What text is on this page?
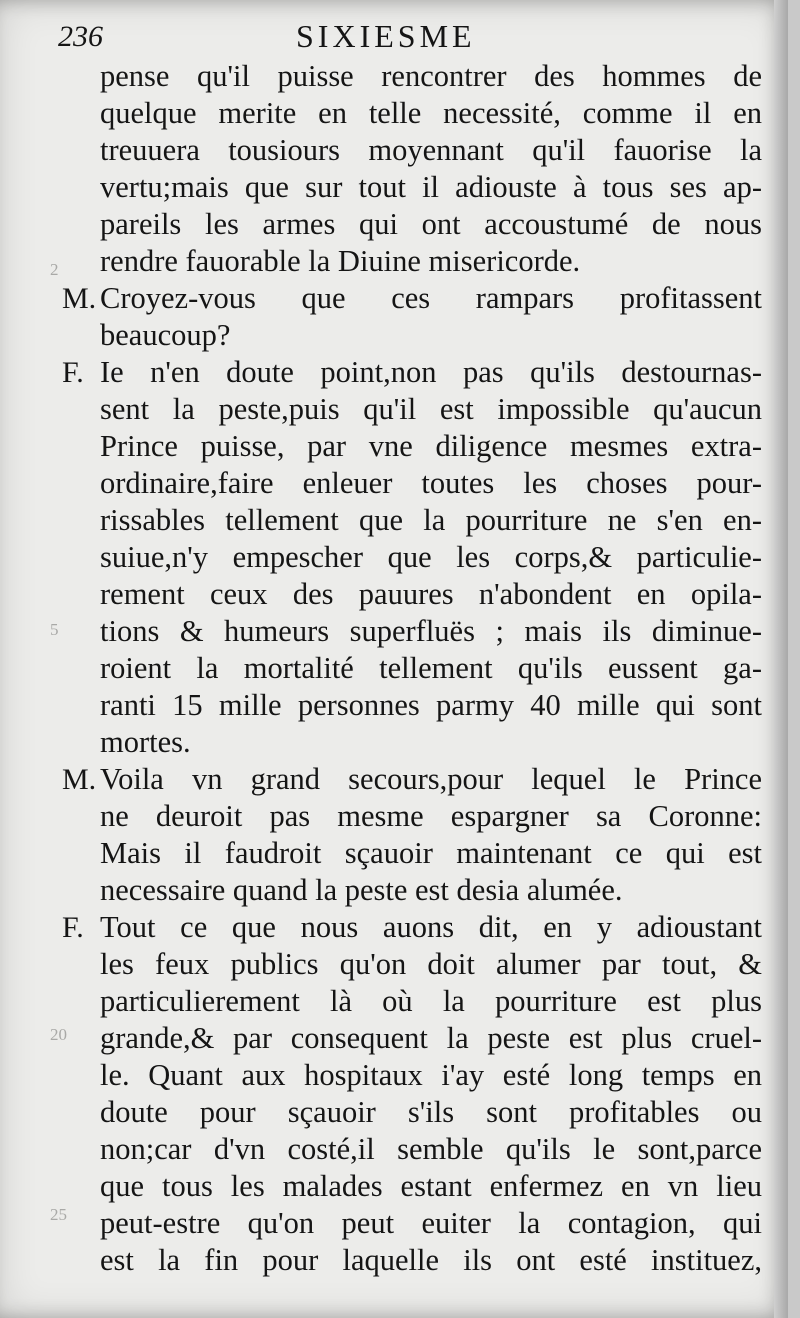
236	SIXIESME
2
5
20
25
pense qu'il puisse rencontrer des hommes de
quelque merite en telle necessité, comme il en
treuuera tousiours moyennant qu'il fauorise la
vertu;mais que sur tout il adiouste à tous ses ap-
pareils les armes qui ont accoustumé de nous
rendre fauorable la Diuine misericorde.
M. Croyez-vous que ces rampars profitassent
beaucoup?
F. Ie n'en doute point,non pas qu'ils destournas-
sent la peste,puis qu'il est impossible qu'aucun
Prince puisse, par vne diligence mesmes extra-
ordinaire,faire enleuer toutes les choses pour-
rissables tellement que la pourriture ne s'en en-
suiue,n'y empescher que les corps,& particulie-
rement ceux des pauures n'abondent en opila-
tions & humeurs superfluës ; mais ils diminue-
roient la mortalité tellement qu'ils eussent ga-
ranti 15 mille personnes parmy 40 mille qui sont
mortes.
M. Voila vn grand secours,pour lequel le Prince
ne deuroit pas mesme espargner sa Coronne:
Mais il faudroit sçauoir maintenant ce qui est
necessaire quand la peste est desia alumée.
F. Tout ce que nous auons dit, en y adioustant
les feux publics qu'on doit alumer par tout, &
particulierement là où la pourriture est plus
grande,& par consequent la peste est plus cruel-
le. Quant aux hospitaux i'ay esté long temps en
doute pour sçauoir s'ils sont profitables ou
non;car d'vn costé,il semble qu'ils le sont,parce
que tous les malades estant enfermez en vn lieu
peut-estre qu'on peut euiter la contagion, qui
est la fin pour laquelle ils ont esté instituez,
